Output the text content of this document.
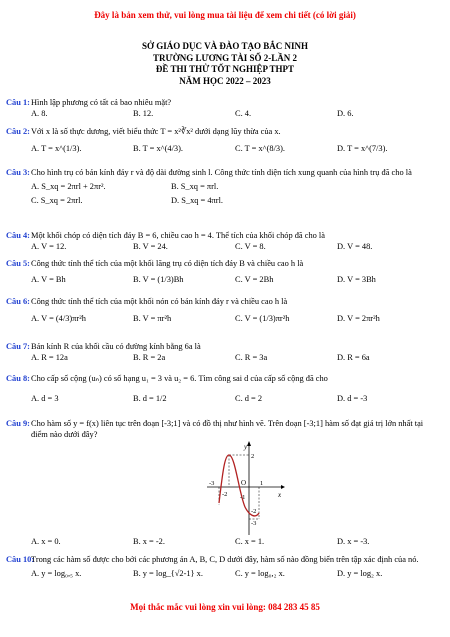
Đây là bản xem thử, vui lòng mua tài liệu để xem chi tiết (có lời giải)
SỞ GIÁO DỤC VÀ ĐÀO TẠO BẮC NINH
TRƯỜNG LƯƠNG TÀI SỐ 2-LẦN 2
ĐỀ THI THỬ TỐT NGHIỆP THPT
NĂM HỌC 2022 – 2023
Câu 1: Hình lập phương có tất cả bao nhiêu mặt?
A. 8.	B. 12.	C. 4.	D. 6.
Câu 2: Với x là số thực dương, viết biểu thức T = x²∛x² dưới dạng lũy thừa của x.
A. T = x^(1/3).	B. T = x^(4/3).	C. T = x^(8/3).	D. T = x^(7/3).
Câu 3: Cho hình trụ có bán kính đáy r và độ dài đường sinh l. Công thức tính diện tích xung quanh của hình trụ đã cho là
A. S_xq = 2πrl + 2πr².	B. S_xq = πrl.
C. S_xq = 2πrl.	D. S_xq = 4πrl.
Câu 4: Một khối chóp có diện tích đáy B = 6, chiều cao h = 4. Thể tích của khối chóp đã cho là
A. V = 12.	B. V = 24.	C. V = 8.	D. V = 48.
Câu 5: Công thức tính thể tích của một khối lăng trụ có diện tích đáy B và chiều cao h là
A. V = Bh	B. V = (1/3)Bh	C. V = 2Bh	D. V = 3Bh
Câu 6: Công thức tính thể tích của một khối nón có bán kính đáy r và chiều cao h là
A. V = (4/3)πr²h	B. V = πr²h	C. V = (1/3)πr²h	D. V = 2πr²h
Câu 7: Bán kính R của khối cầu có đường kính bằng 6a là
A. R = 12a	B. R = 2a	C. R = 3a	D. R = 6a
Câu 8: Cho cấp số cộng (uₙ) có số hạng u₁ = 3 và u₂ = 6. Tìm công sai d của cấp số cộng đã cho
A. d = 3	B. d = 1/2	C. d = 2	D. d = -3
Câu 9: Cho hàm số y = f(x) liên tục trên đoạn [-3;1] và có đồ thị như hình vẽ. Trên đoạn [-3;1] hàm số đạt giá trị lớn nhất tại điểm nào dưới đây?
y
x
O
2
-1
-2
-3
-3
-2
1
A. x = 0.	B. x = -2.	C. x = 1.	D. x = -3.
Câu 10:
Trong các hàm số được cho bởi các phương án A, B, C, D dưới đây, hàm số nào đồng biến trên tập xác định của nó.
A. y = log₀,₅ x.	B. y = log_{√2-1} x.	C. y = log₀,₂ x.	D. y = log₂ x.
Mọi thắc mắc vui lòng xin vui lòng: 084 283 45 85
